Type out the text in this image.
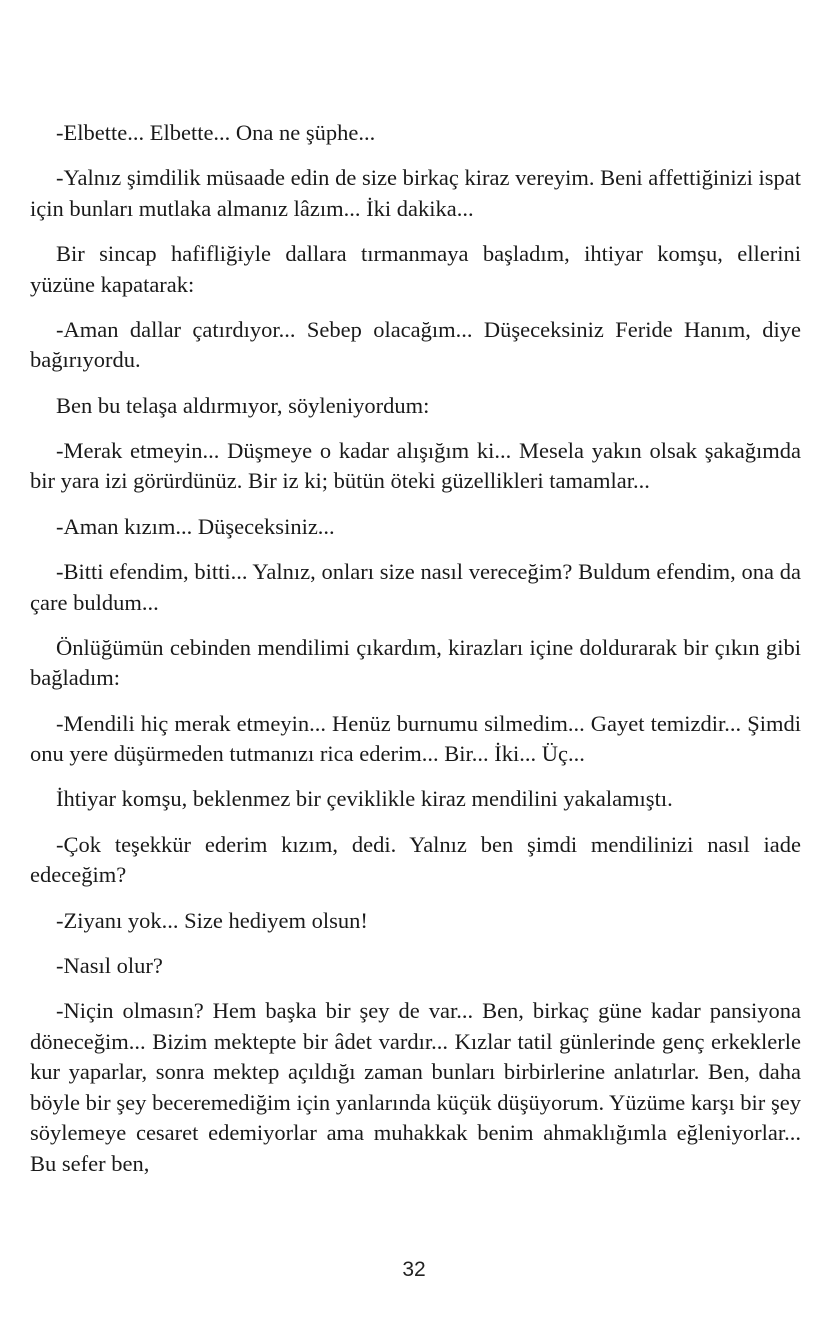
-Elbette... Elbette... Ona ne şüphe...

-Yalnız şimdilik müsaade edin de size birkaç kiraz vereyim. Beni affettiğinizi ispat için bunları mutlaka almanız lâzım... İki dakika...

Bir sincap hafifliğiyle dallara tırmanmaya başladım, ihtiyar komşu, ellerini yüzüne kapatarak:

-Aman dallar çatırdıyor... Sebep olacağım... Düşeceksiniz Feride Hanım, diye bağırıyordu.

Ben bu telaşa aldırmıyor, söyleniyordum:

-Merak etmeyin... Düşmeye o kadar alışığım ki... Mesela yakın olsak şakağımda bir yara izi görürdünüz. Bir iz ki; bütün öteki güzellikleri tamamlar...

-Aman kızım... Düşeceksiniz...

-Bitti efendim, bitti... Yalnız, onları size nasıl vereceğim? Buldum efendim, ona da çare buldum...

Önlüğümün cebinden mendilimi çıkardım, kirazları içine doldurarak bir çıkın gibi bağladım:

-Mendili hiç merak etmeyin... Henüz burnumu silmedim... Gayet temizdir... Şimdi onu yere düşürmeden tutmanızı rica ederim... Bir... İki... Üç...

İhtiyar komşu, beklenmez bir çeviklikle kiraz mendilini yakalamıştı.

-Çok teşekkür ederim kızım, dedi. Yalnız ben şimdi mendilinizi nasıl iade edeceğim?

-Ziyanı yok... Size hediyem olsun!

-Nasıl olur?

-Niçin olmasın? Hem başka bir şey de var... Ben, birkaç güne kadar pansiyona döneceğim... Bizim mektepte bir âdet vardır... Kızlar tatil günlerinde genç erkeklerle kur yaparlar, sonra mektep açıldığı zaman bunları birbirlerine anlatırlar. Ben, daha böyle bir şey beceremediğim için yanlarında küçük düşüyorum. Yüzüme karşı bir şey söylemeye cesaret edemiyorlar ama muhakkak benim ahmaklığımla eğleniyorlar... Bu sefer ben,

32
